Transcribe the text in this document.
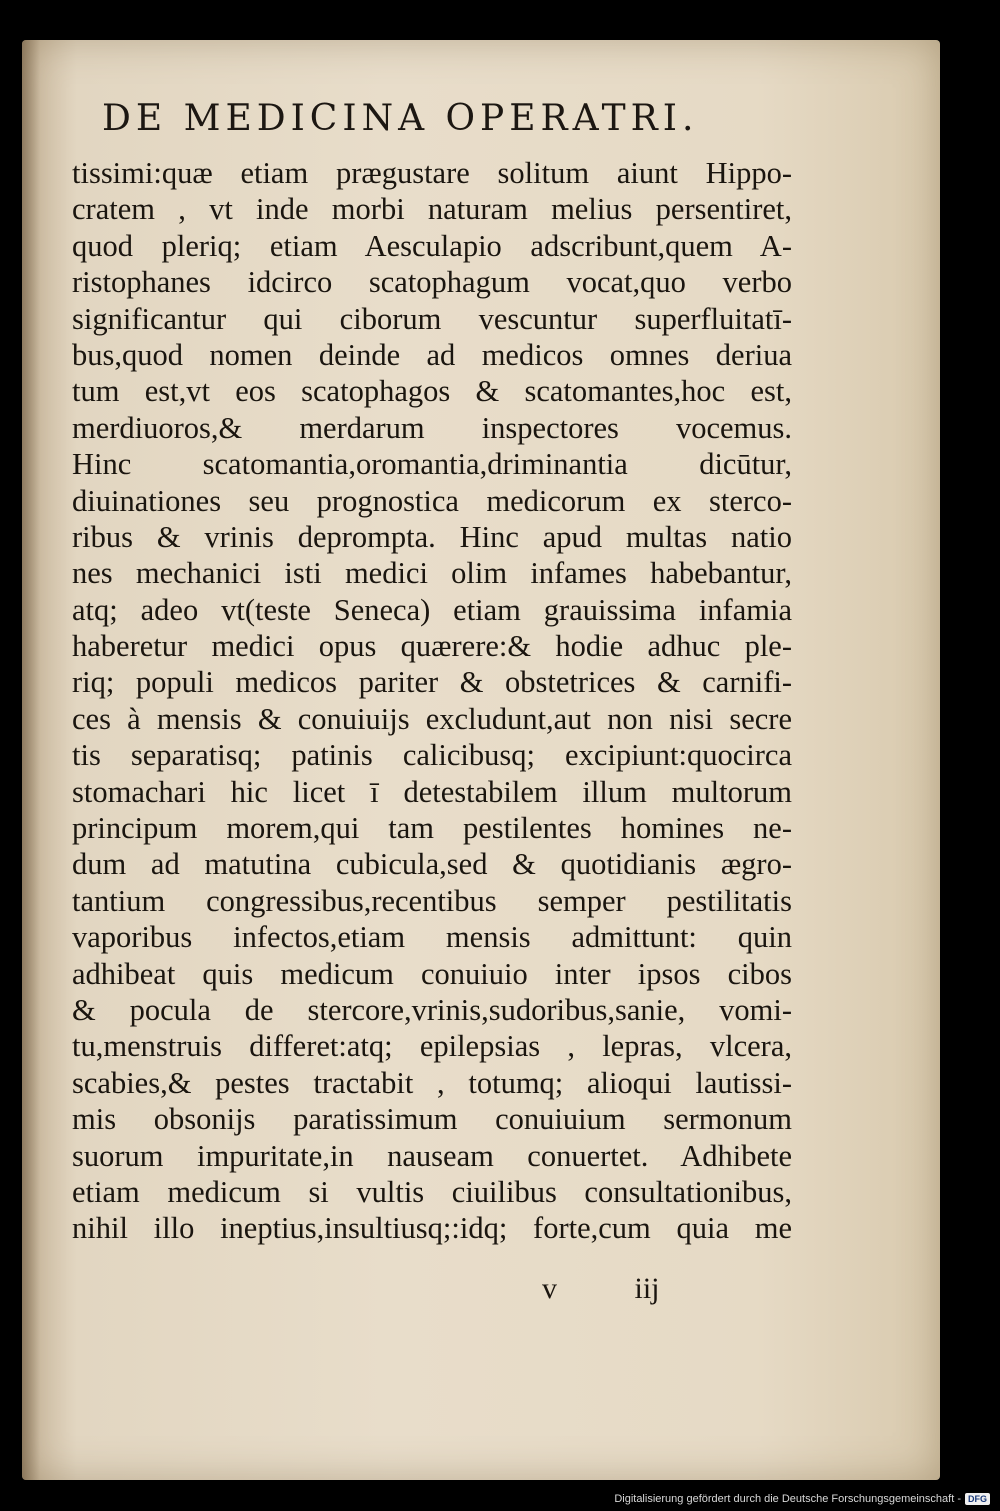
DE MEDICINA OPERATRI.
tissimi:quæ etiam prægustare solitum aiunt Hippo-
cratem , vt inde morbi naturam melius persentiret,
quod pleriq; etiam Aesculapio adscribunt,quem A-
ristophanes idcirco scatophagum vocat,quo verbo
significantur qui ciborum vescuntur superfluitatī-
bus,quod nomen deinde ad medicos omnes deriua
tum est,vt eos scatophagos & scatomantes,hoc est,
merdiuoros,& merdarum inspectores vocemus.
Hinc scatomantia,oromantia,driminantia dicūtur,
diuinationes seu prognostica medicorum ex sterco-
ribus & vrinis deprompta. Hinc apud multas natio
nes mechanici isti medici olim infames habebantur,
atq; adeo vt(teste Seneca) etiam grauissima infamia
haberetur medici opus quærere:& hodie adhuc ple-
riq; populi medicos pariter & obstetrices & carnifi-
ces à mensis & conuiuijs excludunt,aut non nisi secre
tis separatisq; patinis calicibusq; excipiunt:quocirca
stomachari hic licet ī detestabilem illum multorum
principum morem,qui tam pestilentes homines ne-
dum ad matutina cubicula,sed & quotidianis ægro-
tantium congressibus,recentibus semper pestilitatis
vaporibus infectos,etiam mensis admittunt: quin
adhibeat quis medicum conuiuio inter ipsos cibos
& pocula de stercore,vrinis,sudoribus,sanie, vomi-
tu,menstruis differet:atq; epilepsias , lepras, vlcera,
scabies,& pestes tractabit , totumq; alioqui lautissi-
mis obsonijs paratissimum conuiuium sermonum
suorum impuritate,in nauseam conuertet. Adhibete
etiam medicum si vultis ciuilibus consultationibus,
nihil illo ineptius,insultiusq;:idq; forte,cum quia me
v iij
Digitalisierung gefördert durch die Deutsche Forschungsgemeinschaft - DFG
